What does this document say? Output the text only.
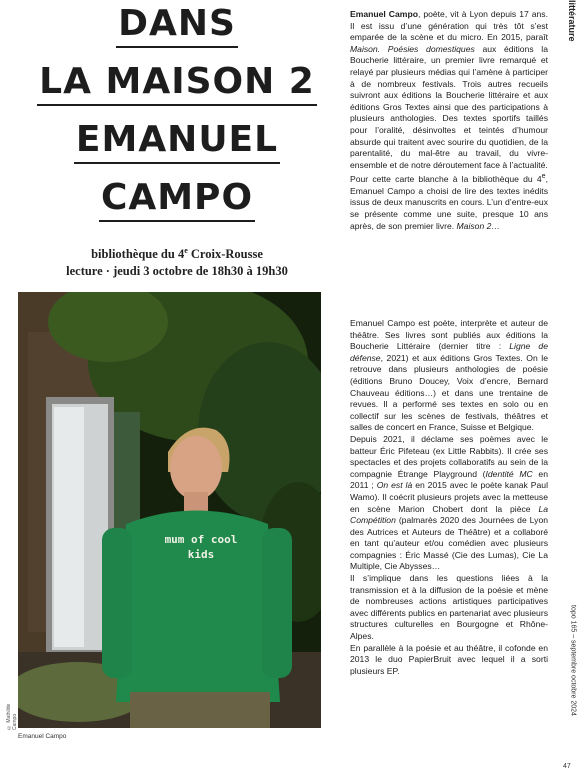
DANS
LA MAISON 2
EMANUEL
CAMPO
bibliothèque du 4e Croix-Rousse
lecture · jeudi 3 octobre de 18h30 à 19h30
mum of cool
kids
© Mathilde Campo
Emanuel Campo

Emanuel Campo, poète, vit à Lyon depuis 17 ans. Il est issu d’une génération qui très tôt s’est emparée de la scène et du micro. En 2015, paraît Maison. Poésies domestiques aux éditions la Boucherie littéraire, un premier livre remarqué et relayé par plusieurs médias qui l’amène à participer à de nombreux festivals. Trois autres recueils suivront aux éditions la Boucherie littéraire et aux éditions Gros Textes ainsi que des participations à plusieurs anthologies. Des textes sportifs taillés pour l’oralité, désinvoltes et teintés d’humour absurde qui traitent avec sourire du quotidien, de la parentalité, du mal-être au travail, du vivre-ensemble et de notre déroutement face à l’actualité.

Pour cette carte blanche à la bibliothèque du 4e, Emanuel Campo a choisi de lire des textes inédits issus de deux manuscrits en cours. L’un d’entre-eux se présente comme une suite, presque 10 ans après, de son premier livre. Maison 2…

Emanuel Campo est poète, interprète et auteur de théâtre. Ses livres sont publiés aux éditions la Boucherie Littéraire (dernier titre : Ligne de défense, 2021) et aux éditions Gros Textes. On le retrouve dans plusieurs anthologies de poésie (éditions Bruno Doucey, Voix d’encre, Bernard Chauveau éditions…) et dans une trentaine de revues. Il a performé ses textes en solo ou en collectif sur les scènes de festivals, théâtres et salles de concert en France, Suisse et Belgique.

Depuis 2021, il déclame ses poèmes avec le batteur Éric Pifeteau (ex Little Rabbits). Il crée ses spectacles et des projets collaboratifs au sein de la compagnie Étrange Playground (Identité MC en 2011 ; On est là en 2015 avec le poète kanak Paul Wamo). Il coécrit plusieurs projets avec la metteuse en scène Marion Chobert dont la pièce La Compétition (palmarès 2020 des Journées de Lyon des Autrices et Auteurs de Théâtre) et a collaboré en tant qu’auteur et/ou comédien avec plusieurs compagnies : Éric Massé (Cie des Lumas), Cie La Multiple, Cie Abysses…

Il s’implique dans les questions liées à la transmission et à la diffusion de la poésie et mène de nombreuses actions artistiques participatives avec différents publics en partenariat avec plusieurs structures culturelles en Bourgogne et Rhône-Alpes.

En parallèle à la poésie et au théâtre, il cofonde en 2013 le duo PapierBruit avec lequel il a sorti plusieurs EP.

littérature
topo 165 – septembre octobre 2024
47
